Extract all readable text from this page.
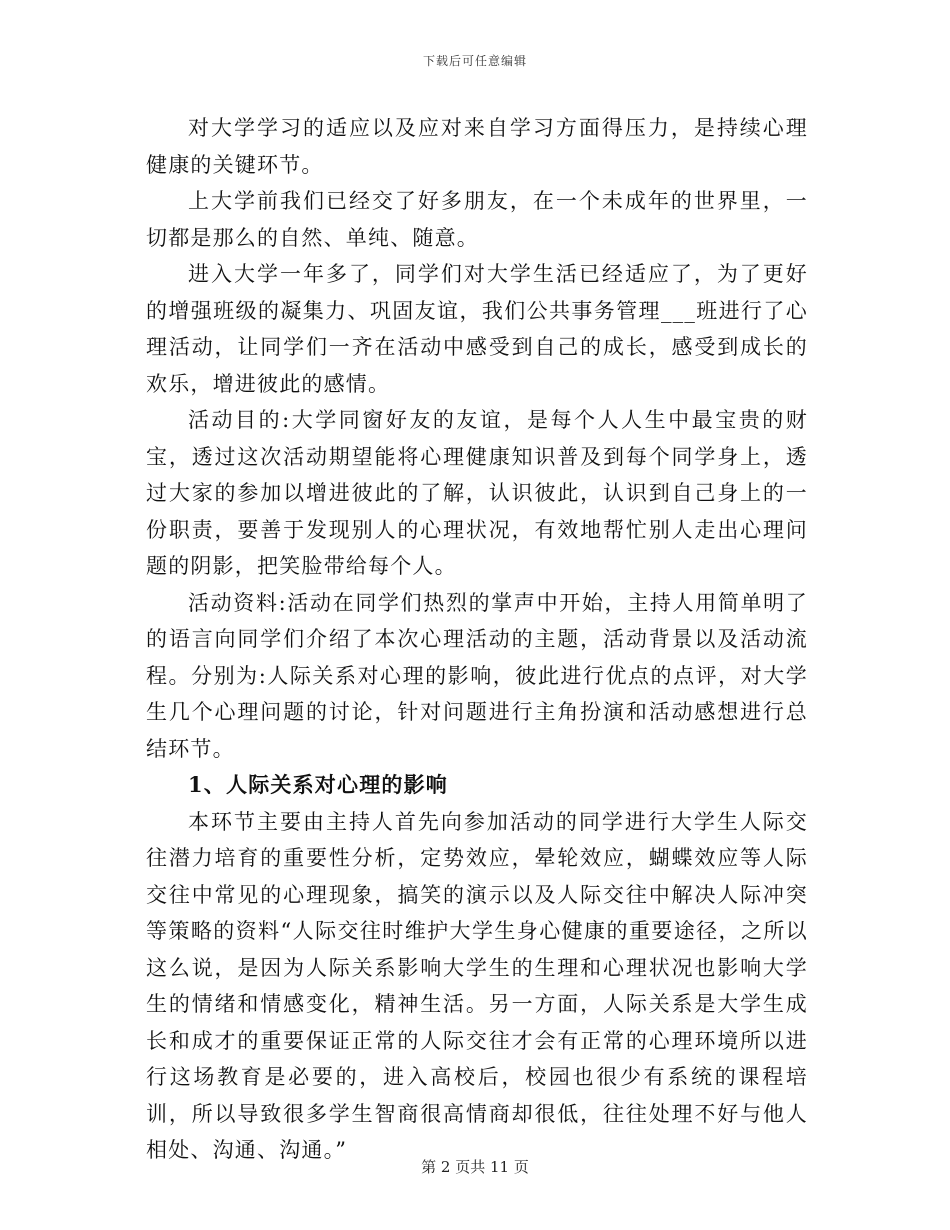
下载后可任意编辑

对大学学习的适应以及应对来自学习方面得压力，是持续心理健康的关键环节。

上大学前我们已经交了好多朋友，在一个未成年的世界里，一切都是那么的自然、单纯、随意。

进入大学一年多了，同学们对大学生活已经适应了，为了更好的增强班级的凝集力、巩固友谊，我们公共事务管理___班进行了心理活动，让同学们一齐在活动中感受到自己的成长，感受到成长的欢乐，增进彼此的感情。

活动目的:大学同窗好友的友谊，是每个人人生中最宝贵的财宝，透过这次活动期望能将心理健康知识普及到每个同学身上，透过大家的参加以增进彼此的了解，认识彼此，认识到自己身上的一份职责，要善于发现别人的心理状况，有效地帮忙别人走出心理问题的阴影，把笑脸带给每个人。

活动资料:活动在同学们热烈的掌声中开始，主持人用简单明了的语言向同学们介绍了本次心理活动的主题，活动背景以及活动流程。分别为:人际关系对心理的影响，彼此进行优点的点评，对大学生几个心理问题的讨论，针对问题进行主角扮演和活动感想进行总结环节。

1、人际关系对心理的影响

本环节主要由主持人首先向参加活动的同学进行大学生人际交往潜力培育的重要性分析，定势效应，晕轮效应，蝴蝶效应等人际交往中常见的心理现象，搞笑的演示以及人际交往中解决人际冲突等策略的资料“人际交往时维护大学生身心健康的重要途径，之所以这么说，是因为人际关系影响大学生的生理和心理状况也影响大学生的情绪和情感变化，精神生活。另一方面，人际关系是大学生成长和成才的重要保证正常的人际交往才会有正常的心理环境所以进行这场教育是必要的，进入高校后，校园也很少有系统的课程培训，所以导致很多学生智商很高情商却很低，往往处理不好与他人相处、沟通、沟通。”

第 2 页共 11 页
